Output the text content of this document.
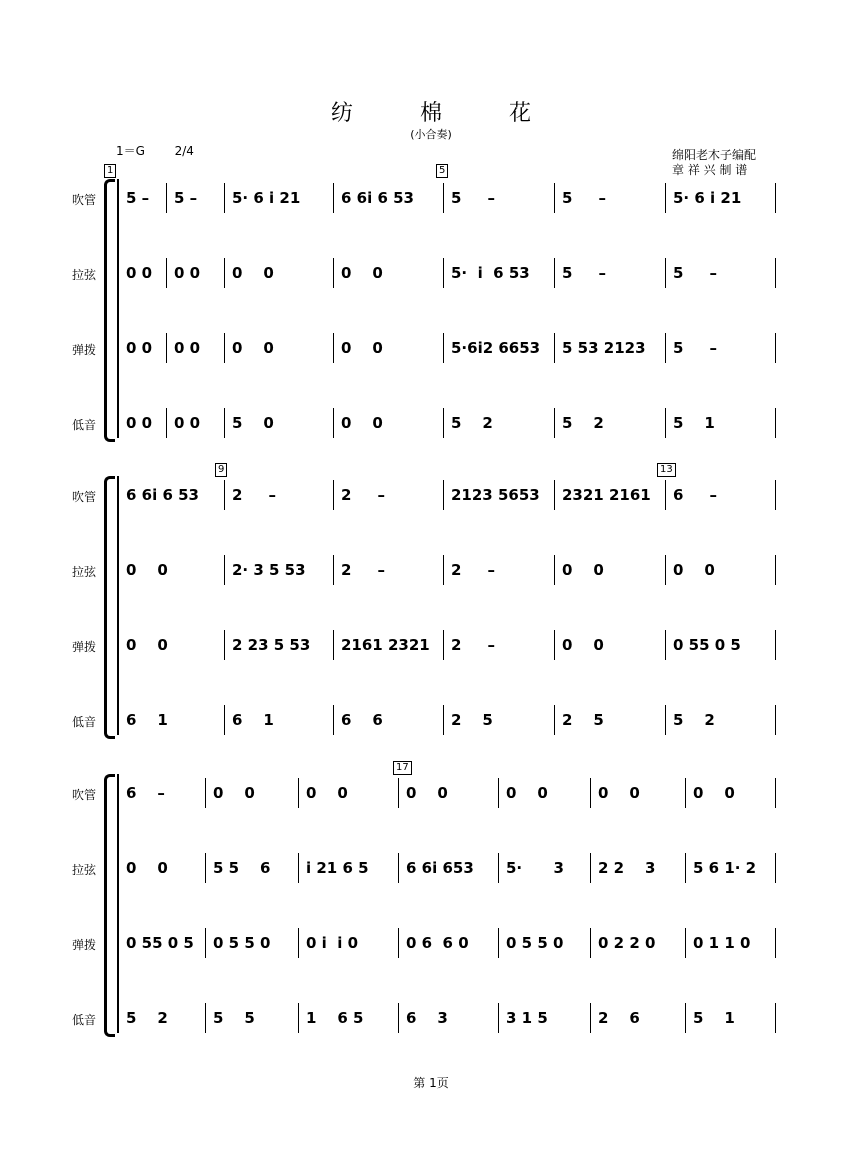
纺 棉 花
(小合奏)
1＝G 2/4	绵阳老木子编配
章 祥 兴 制 谱
1	5
吹管	5 –	5 –	5· 6 i 21	6 6i 6 53	5     –	5     –	5· 6 i 21
拉弦	0 0	0 0	0    0	0    0	5·  i  6 53	5     –	5     –
弹拨	0 0	0 0	0    0	0    0	5·6i2 6653	5 53 2123	5     –
低音	0 0	0 0	5    0	0    0	5    2	5    2	5    1
9	13
吹管	6 6i 6 53	2     –	2     –	2123 5653	2321 2161	6     –
拉弦	0    0	2· 3 5 53	2     –	2     –	0    0	0    0
弹拨	0    0	2 23 5 53	2161 2321	2     –	0    0	0 55 0 5
低音	6    1	6    1	6    6	2    5	2    5	5    2
17
吹管	6    –	0    0	0    0	0    0	0    0	0    0	0    0
拉弦	0    0	5 5    6	i 21 6 5	6 6i 653	5·      3	2 2    3	5 6 1· 2
弹拨	0 55 0 5	0 5 5 0	0 i  i 0	0 6  6 0	0 5 5 0	0 2 2 0	0 1 1 0
低音	5    2	5    5	1    6 5	6    3	3 1 5	2    6	5    1
第 1页
